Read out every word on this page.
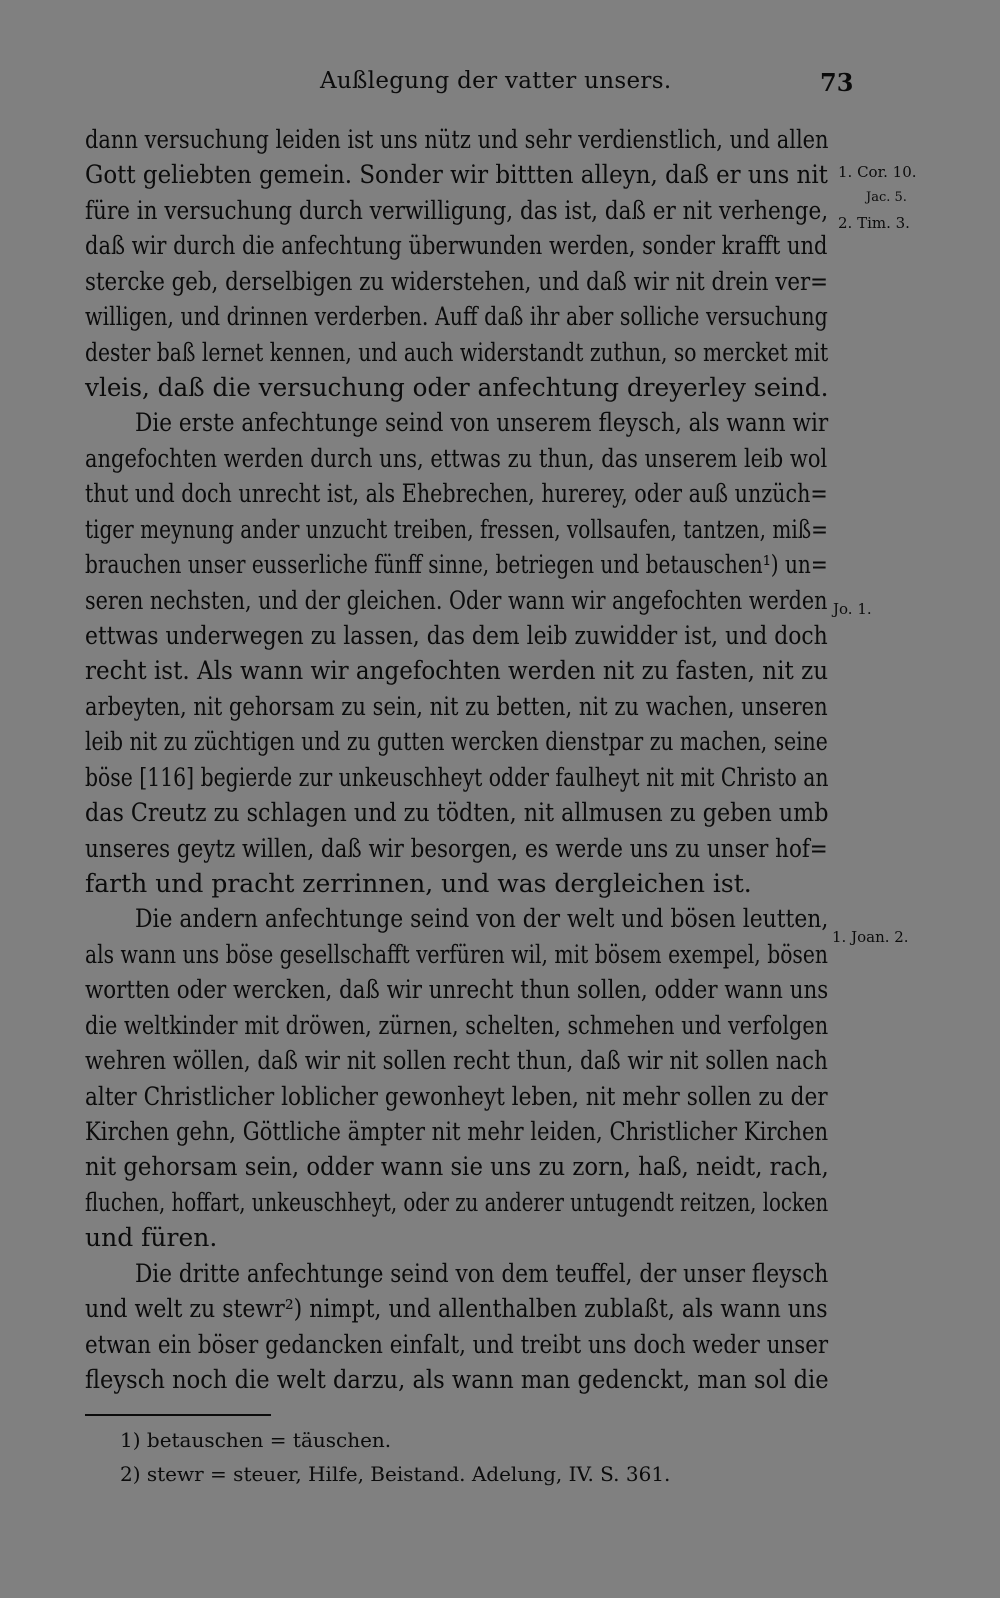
Außlegung der vatter unsers.	73
dann versuchung leiden ist uns nütz und sehr verdienstlich, und allen
Gott geliebten gemein. Sonder wir bittten alleyn, daß er uns nit
füre in versuchung durch verwilligung, das ist, daß er nit verhenge,
daß wir durch die anfechtung überwunden werden, sonder krafft und
stercke geb, derselbigen zu widerstehen, und daß wir nit drein ver=
willigen, und drinnen verderben. Auff daß ihr aber solliche versuchung
dester baß lernet kennen, und auch widerstandt zuthun, so mercket mit
vleis, daß die versuchung oder anfechtung dreyerley seind.
Die erste anfechtunge seind von unserem fleysch, als wann wir
angefochten werden durch uns, ettwas zu thun, das unserem leib wol
thut und doch unrecht ist, als Ehebrechen, hurerey, oder auß unzüch=
tiger meynung ander unzucht treiben, fressen, vollsaufen, tantzen, miß=
brauchen unser eusserliche fünff sinne, betriegen und betauschen¹) un=
seren nechsten, und der gleichen. Oder wann wir angefochten werden
ettwas underwegen zu lassen, das dem leib zuwidder ist, und doch
recht ist. Als wann wir angefochten werden nit zu fasten, nit zu
arbeyten, nit gehorsam zu sein, nit zu betten, nit zu wachen, unseren
leib nit zu züchtigen und zu gutten wercken dienstpar zu machen, seine
böse [116] begierde zur unkeuschheyt odder faulheyt nit mit Christo an
das Creutz zu schlagen und zu tödten, nit allmusen zu geben umb
unseres geytz willen, daß wir besorgen, es werde uns zu unser hof=
farth und pracht zerrinnen, und was dergleichen ist.
Die andern anfechtunge seind von der welt und bösen leutten,
als wann uns böse gesellschafft verfüren wil, mit bösem exempel, bösen
wortten oder wercken, daß wir unrecht thun sollen, odder wann uns
die weltkinder mit dröwen, zürnen, schelten, schmehen und verfolgen
wehren wöllen, daß wir nit sollen recht thun, daß wir nit sollen nach
alter Christlicher loblicher gewonheyt leben, nit mehr sollen zu der
Kirchen gehn, Göttliche ämpter nit mehr leiden, Christlicher Kirchen
nit gehorsam sein, odder wann sie uns zu zorn, haß, neidt, rach,
fluchen, hoffart, unkeuschheyt, oder zu anderer untugendt reitzen, locken
und füren.
Die dritte anfechtunge seind von dem teuffel, der unser fleysch
und welt zu stewr²) nimpt, und allenthalben zublaßt, als wann uns
etwan ein böser gedancken einfalt, und treibt uns doch weder unser
fleysch noch die welt darzu, als wann man gedenckt, man sol die
1. Cor. 10.
Jac. 5.
2. Tim. 3.
Jo. 1.
1. Joan. 2.
1) betauschen = täuschen.
2) stewr = steuer, Hilfe, Beistand. Adelung, IV. S. 361.
